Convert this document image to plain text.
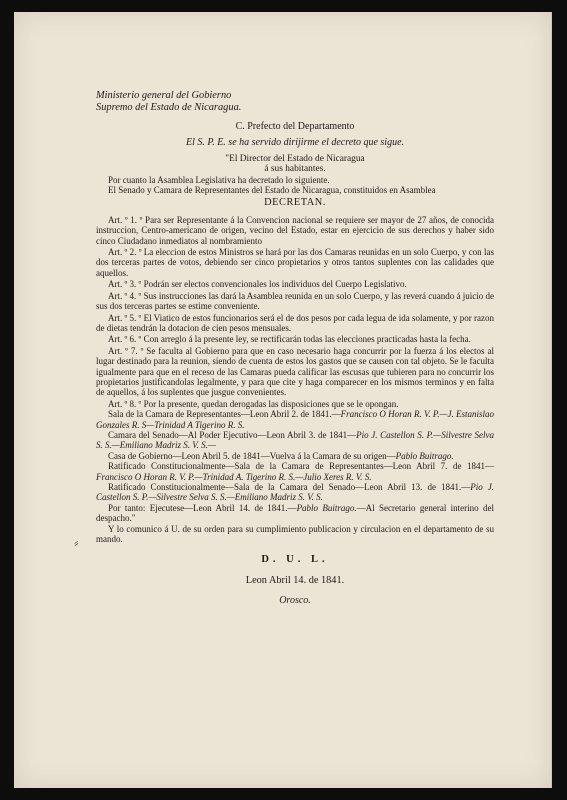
⸗
Ministerio general del Gobierno
Supremo del Estado de Nicaragua.
C. Prefecto del Departamento
El S. P. E. se ha servido dirijirme el decreto que sigue.
"El Director del Estado de Nicaragua
á sus habitantes.
Por cuanto la Asamblea Legislativa ha decretado lo siguiente.
El Senado y Camara de Representantes del Estado de Nicaragua, constituidos en Asamblea
DECRETAN.
Art. º 1. º Para ser Representante á la Convencion nacional se requiere ser mayor de 27 años, de conocida instruccion, Centro-americano de origen, vecino del Estado, estar en ejercicio de sus derechos y haber sido cinco Ciudadano inmediatos al nombramiento
Art. º 2. º La eleccion de estos Ministros se hará por las dos Camaras reunidas en un solo Cuerpo, y con las dos terceras partes de votos, debiendo ser cinco propietarios y otros tantos suplentes con las calidades que aquellos.
Art. º 3. º Podrán ser electos convencionales los individuos del Cuerpo Legislativo.
Art. º 4. º Sus instrucciones las dará la Asamblea reunida en un solo Cuerpo, y las reverá cuando á juicio de sus dos terceras partes se estime conveniente.
Art. º 5. º El Viatico de estos funcionarios será el de dos pesos por cada legua de ida solamente, y por razon de dietas tendrán la dotacion de cien pesos mensuales.
Art. º 6. º Con arreglo á la presente ley, se rectificarán todas las elecciones practicadas hasta la fecha.
Art. º 7. º Se faculta al Gobierno para que en caso necesario haga concurrir por la fuerza á los electos al lugar destinado para la reunion, siendo de cuenta de estos los gastos que se causen con tal objeto. Se le faculta igualmente para que en el receso de las Camaras pueda calificar las escusas que tubieren para no concurrir los propietarios justificandolas legalmente, y para que cite y haga comparecer en los mismos terminos y en falta de aquellos, á los suplentes que jusgue convenientes.
Art. º 8. º Por la presente, quedan derogadas las disposiciones que se le opongan.
Sala de la Camara de Representantes—Leon Abril 2. de 1841.—Francisco O Horan R. V. P.—J. Estanislao Gonzales R. S—Trinidad A Tigerino R. S.
Camara del Senado—Al Poder Ejecutivo—Leon Abril 3. de 1841—Pio J. Castellon S. P.—Silvestre Selva S. S.—Emiliano Madriz S. V. S.—
Casa de Gobierno—Leon Abril 5. de 1841—Vuelva á la Camara de su origen—Pablo Buitrago.
Ratificado Constitucionalmente—Sala de la Camara de Representantes—Leon Abril 7. de 1841—Francisco O Horan R. V. P.—Trinidad A. Tigerino R. S.—Julio Xeres R. V. S.
Ratificado Constitucionalmente—Sala de la Camara del Senado—Leon Abril 13. de 1841.—Pio J. Castellon S. P.—Silvestre Selva S. S.—Emiliano Madriz S. V. S.
Por tanto: Ejecutese—Leon Abril 14. de 1841.—Pablo Buitrago.—Al Secretario general interino del despacho."
Y lo comunico á U. de su orden para su cumplimiento publicacion y circulacion en el departamento de su mando.
D. U. L.
Leon Abril 14. de 1841.
Orosco.
